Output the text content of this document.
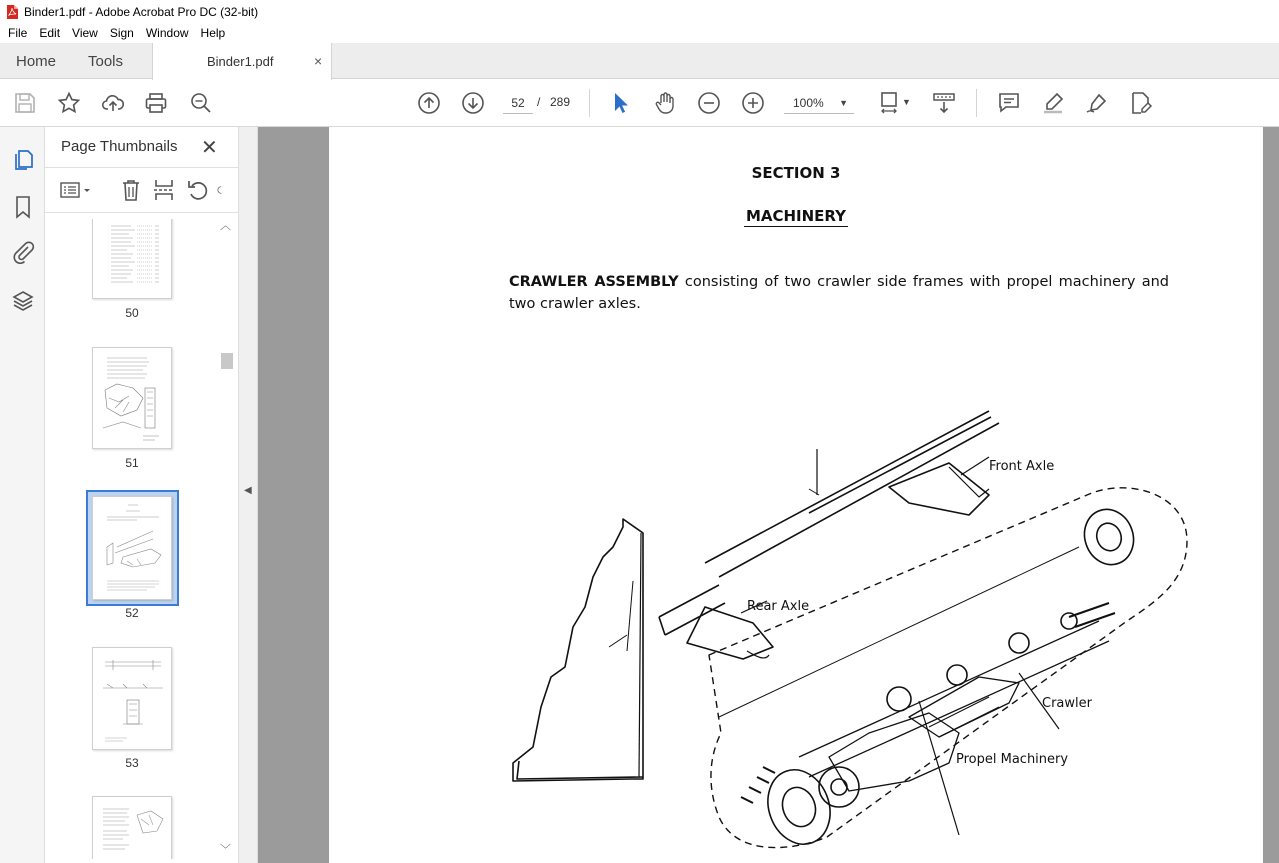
Binder1.pdf - Adobe Acrobat Pro DC (32-bit)
File	Edit	View	Sign	Window	Help
Home Tools	Binder1.pdf	×
52	/ 289	100% ▼	▼
Page Thumbnails ✕
50
51
52
53
︿
﹀
◀
SECTION 3
MACHINERY
CRAWLER ASSEMBLY consisting of two crawler side frames with propel machinery and two crawler axles.
Front Axle
Rear Axle
Crawler
Propel Machinery
